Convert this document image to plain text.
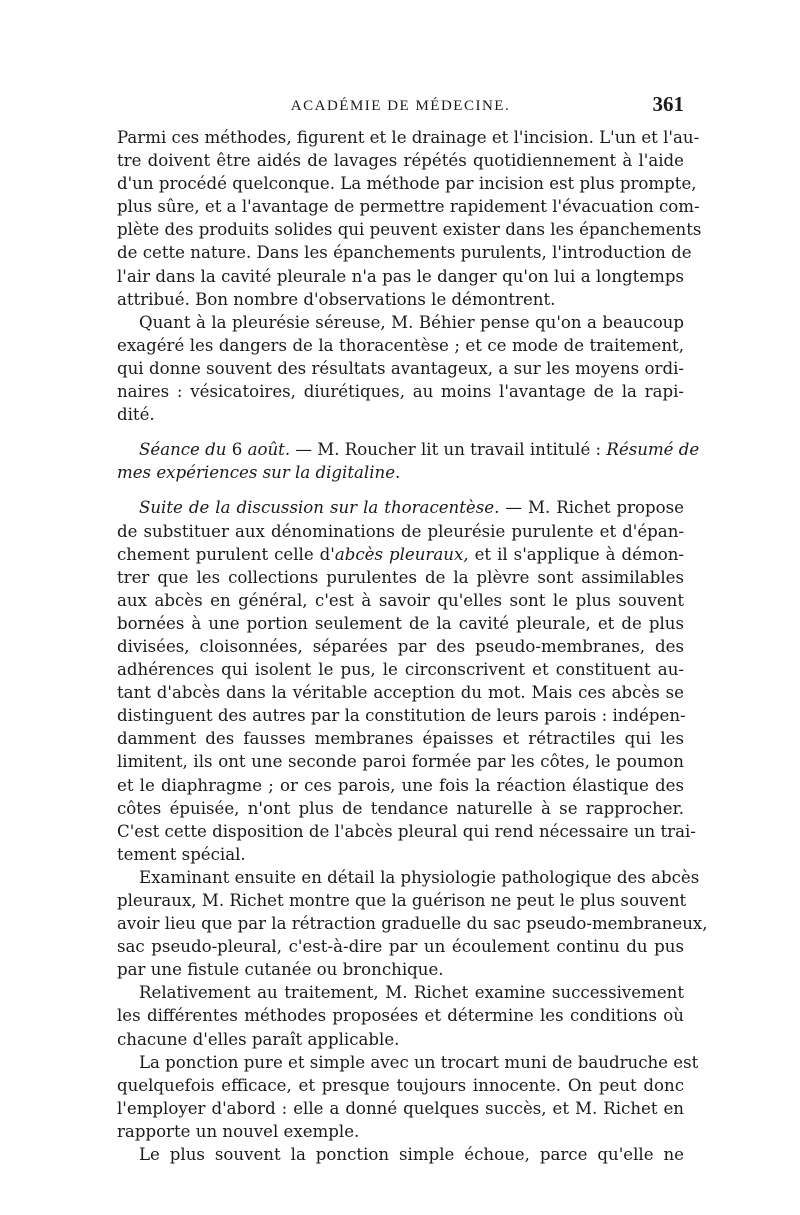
ACADÉMIE DE MÉDECINE.	361

Parmi ces méthodes, figurent et le drainage et l'incision. L'un et l'au-
tre doivent être aidés de lavages répétés quotidiennement à l'aide
d'un procédé quelconque. La méthode par incision est plus prompte,
plus sûre, et a l'avantage de permettre rapidement l'évacuation com-
plète des produits solides qui peuvent exister dans les épanchements
de cette nature. Dans les épanchements purulents, l'introduction de
l'air dans la cavité pleurale n'a pas le danger qu'on lui a longtemps
attribué. Bon nombre d'observations le démontrent.

Quant à la pleurésie séreuse, M. Béhier pense qu'on a beaucoup
exagéré les dangers de la thoracentèse ; et ce mode de traitement,
qui donne souvent des résultats avantageux, a sur les moyens ordi-
naires : vésicatoires, diurétiques, au moins l'avantage de la rapi-
dité.

Séance du 6 août. — M. Roucher lit un travail intitulé : Résumé de
mes expériences sur la digitaline.

Suite de la discussion sur la thoracentèse. — M. Richet propose
de substituer aux dénominations de pleurésie purulente et d'épan-
chement purulent celle d'abcès pleuraux, et il s'applique à démon-
trer que les collections purulentes de la plèvre sont assimilables
aux abcès en général, c'est à savoir qu'elles sont le plus souvent
bornées à une portion seulement de la cavité pleurale, et de plus
divisées, cloisonnées, séparées par des pseudo-membranes, des
adhérences qui isolent le pus, le circonscrivent et constituent au-
tant d'abcès dans la véritable acception du mot. Mais ces abcès se
distinguent des autres par la constitution de leurs parois : indépen-
damment des fausses membranes épaisses et rétractiles qui les
limitent, ils ont une seconde paroi formée par les côtes, le poumon
et le diaphragme ; or ces parois, une fois la réaction élastique des
côtes épuisée, n'ont plus de tendance naturelle à se rapprocher.
C'est cette disposition de l'abcès pleural qui rend nécessaire un trai-
tement spécial.

Examinant ensuite en détail la physiologie pathologique des abcès
pleuraux, M. Richet montre que la guérison ne peut le plus souvent
avoir lieu que par la rétraction graduelle du sac pseudo-membraneux,
sac pseudo-pleural, c'est-à-dire par un écoulement continu du pus
par une fistule cutanée ou bronchique.

Relativement au traitement, M. Richet examine successivement
les différentes méthodes proposées et détermine les conditions où
chacune d'elles paraît applicable.

La ponction pure et simple avec un trocart muni de baudruche est
quelquefois efficace, et presque toujours innocente. On peut donc
l'employer d'abord : elle a donné quelques succès, et M. Richet en
rapporte un nouvel exemple.

Le plus souvent la ponction simple échoue, parce qu'elle ne
